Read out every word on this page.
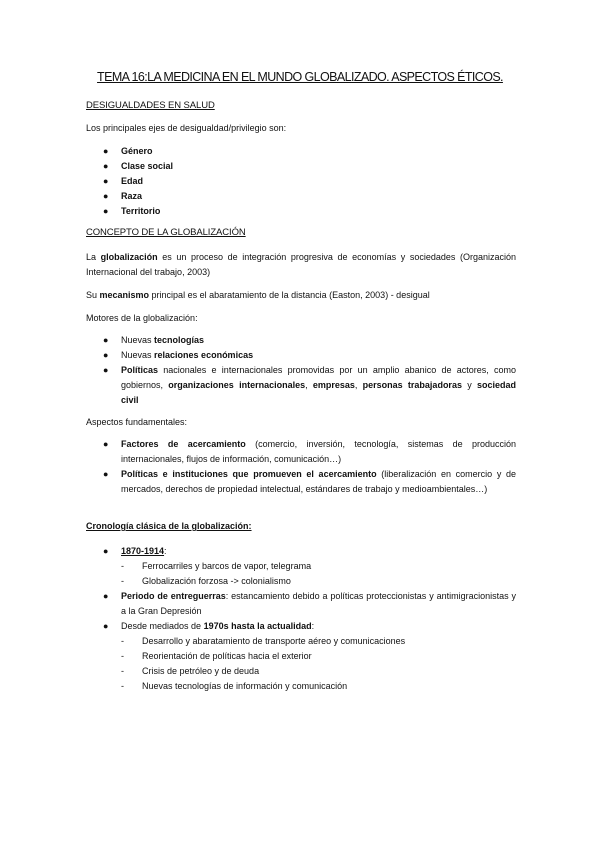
TEMA 16:LA MEDICINA EN EL MUNDO GLOBALIZADO. ASPECTOS ÉTICOS.
DESIGUALDADES EN SALUD
Los principales ejes de desigualdad/privilegio son:
● Género
● Clase social
● Edad
● Raza
● Territorio
CONCEPTO DE LA GLOBALIZACIÓN
La globalización es un proceso de integración progresiva de economías y sociedades (Organización Internacional del trabajo, 2003)
Su mecanismo principal es el abaratamiento de la distancia (Easton, 2003) - desigual
Motores de la globalización:
● Nuevas tecnologías
● Nuevas relaciones económicas
● Políticas nacionales e internacionales promovidas por un amplio abanico de actores, como gobiernos, organizaciones internacionales, empresas, personas trabajadoras y sociedad civil
Aspectos fundamentales:
● Factores de acercamiento (comercio, inversión, tecnología, sistemas de producción internacionales, flujos de información, comunicación…)
● Políticas e instituciones que promueven el acercamiento (liberalización en comercio y de mercados, derechos de propiedad intelectual, estándares de trabajo y medioambientales…)
Cronología clásica de la globalización:
● 1870-1914:
- Ferrocarriles y barcos de vapor, telegrama
- Globalización forzosa -> colonialismo
● Periodo de entreguerras: estancamiento debido a políticas proteccionistas y antimigracionistas y a la Gran Depresión
● Desde mediados de 1970s hasta la actualidad:
- Desarrollo y abaratamiento de transporte aéreo y comunicaciones
- Reorientación de políticas hacia el exterior
- Crisis de petróleo y de deuda
- Nuevas tecnologías de información y comunicación
